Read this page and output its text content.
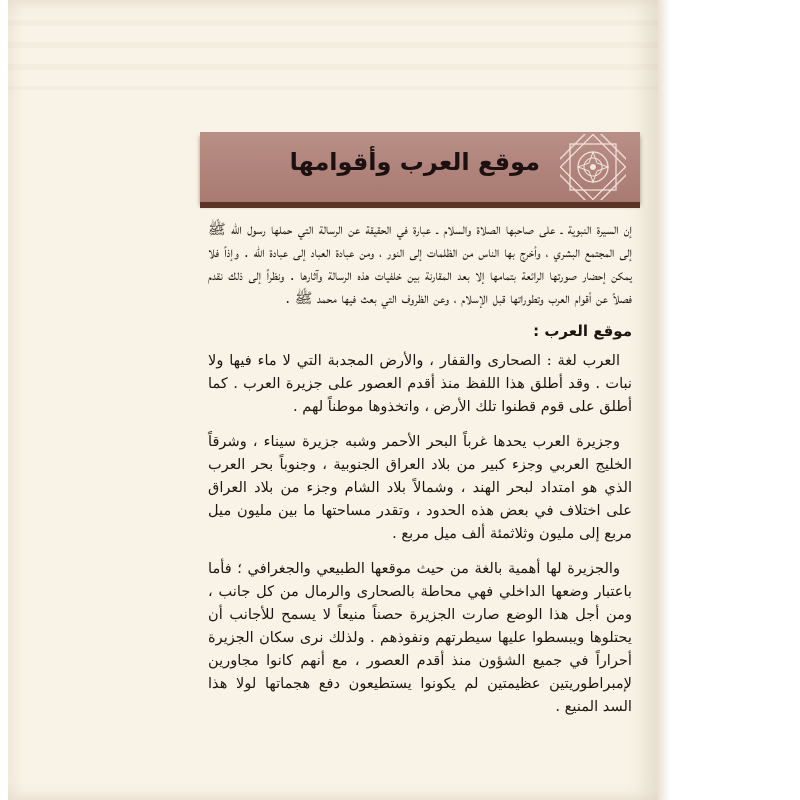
موقع العرب وأقوامها

إن السيرة النبوية ـ على صاحبها الصلاة والسلام ـ عبارة في الحقيقة عن الرسالة التي حملها رسول الله ﷺ إلى المجتمع البشري ، وأخرج بها الناس من الظلمات إلى النور ، ومن عبادة العباد إلى عبادة الله . وإذاً فلا يمكن إحضار صورتها الرائعة بتمامها إلا بعد المقارنة بين خلفيات هذه الرسالة وآثارها . ونظراً إلى ذلك نقدم فصلاً عن أقوام العرب وتطوراتها قبل الإسلام ، وعن الظروف التي بعث فيها محمد ﷺ .

موقع العرب :

العرب لغة : الصحارى والقفار ، والأرض المجدبة التي لا ماء فيها ولا نبات . وقد أطلق هذا اللفظ منذ أقدم العصور على جزيرة العرب . كما أطلق على قوم قطنوا تلك الأرض ، واتخذوها موطناً لهم .

وجزيرة العرب يحدها غرباً البحر الأحمر وشبه جزيرة سيناء ، وشرقاً الخليج العربي وجزء كبير من بلاد العراق الجنوبية ، وجنوباً بحر العرب الذي هو امتداد لبحر الهند ، وشمالاً بلاد الشام وجزء من بلاد العراق على اختلاف في بعض هذه الحدود ، وتقدر مساحتها ما بين مليون ميل مربع إلى مليون وثلاثمئة ألف ميل مربع .

والجزيرة لها أهمية بالغة من حيث موقعها الطبيعي والجغرافي ؛ فأما باعتبار وضعها الداخلي فهي محاطة بالصحارى والرمال من كل جانب ، ومن أجل هذا الوضع صارت الجزيرة حصناً منيعاً لا يسمح للأجانب أن يحتلوها ويبسطوا عليها سيطرتهم ونفوذهم . ولذلك نرى سكان الجزيرة أحراراً في جميع الشؤون منذ أقدم العصور ، مع أنهم كانوا مجاورين لإمبراطوريتين عظيمتين لم يكونوا يستطيعون دفع هجماتها لولا هذا السد المنيع .
